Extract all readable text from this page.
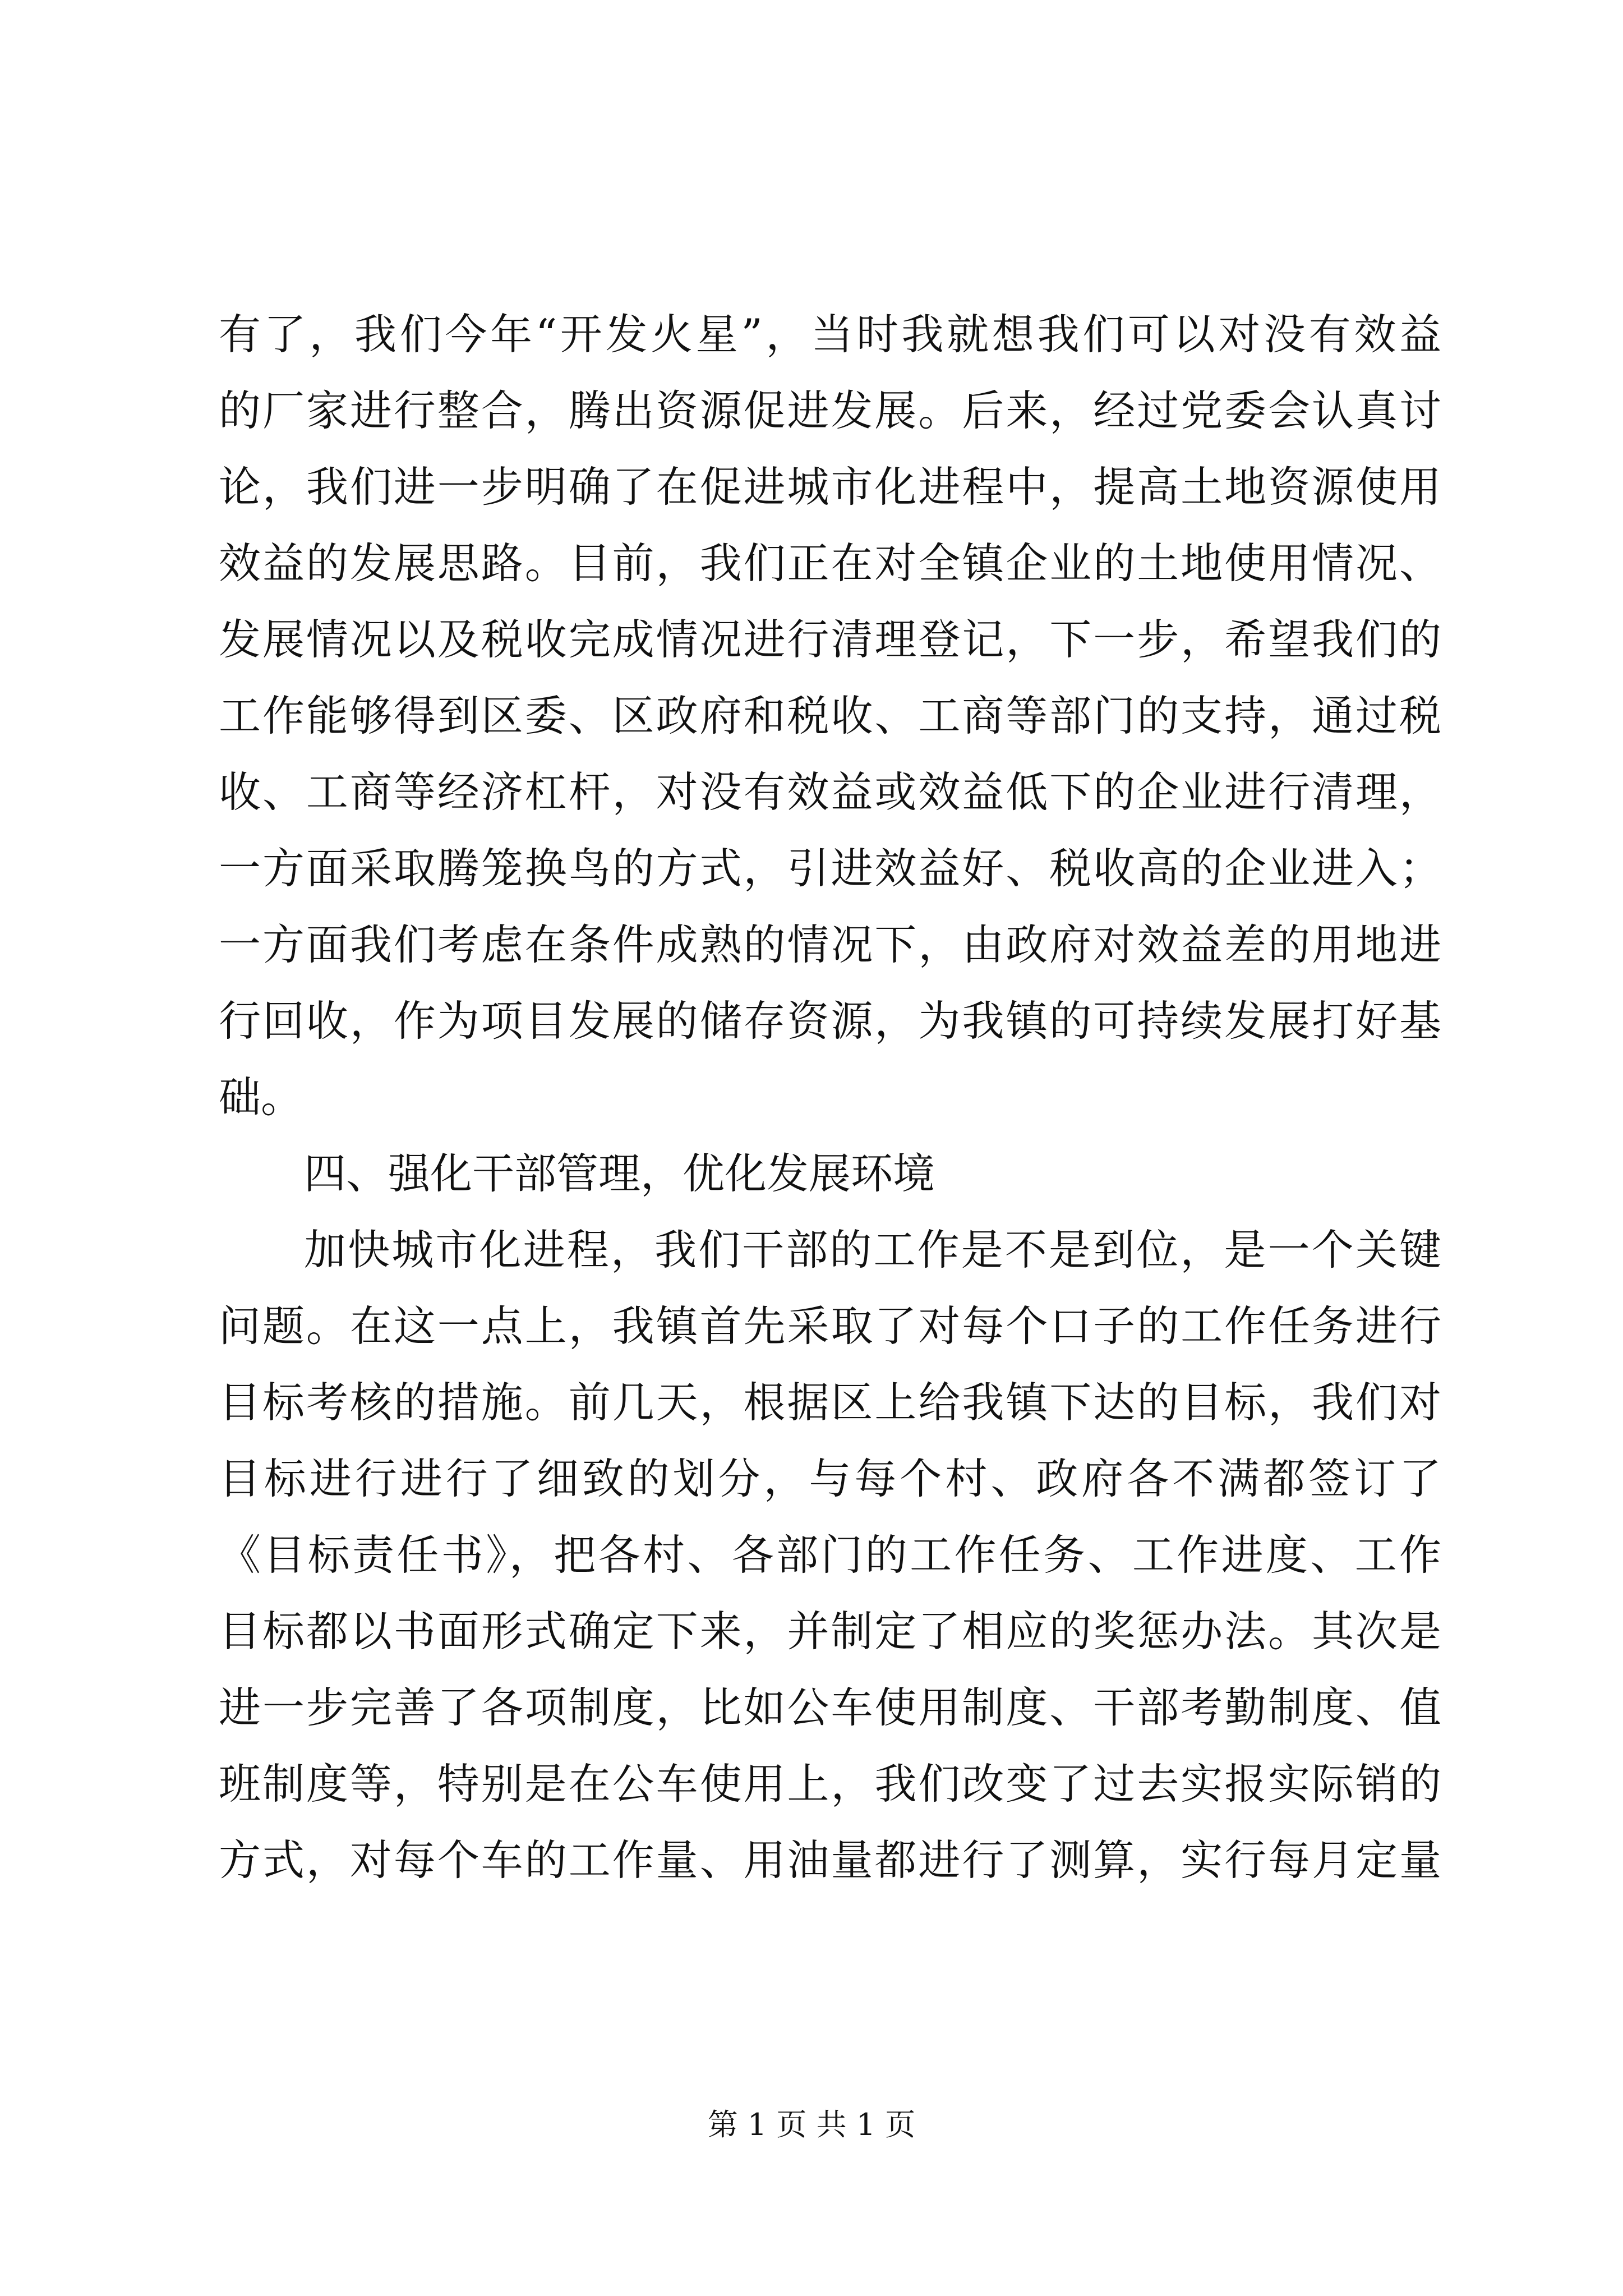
有了，我们今年“开发火星”，当时我就想我们可以对没有效益
的厂家进行整合，腾出资源促进发展。后来，经过党委会认真讨
论，我们进一步明确了在促进城市化进程中，提高土地资源使用
效益的发展思路。目前，我们正在对全镇企业的土地使用情况、
发展情况以及税收完成情况进行清理登记，下一步，希望我们的
工作能够得到区委、区政府和税收、工商等部门的支持，通过税
收、工商等经济杠杆，对没有效益或效益低下的企业进行清理，
一方面采取腾笼换鸟的方式，引进效益好、税收高的企业进入；
一方面我们考虑在条件成熟的情况下，由政府对效益差的用地进
行回收，作为项目发展的储存资源，为我镇的可持续发展打好基
础。
四、强化干部管理，优化发展环境
加快城市化进程，我们干部的工作是不是到位，是一个关键
问题。在这一点上，我镇首先采取了对每个口子的工作任务进行
目标考核的措施。前几天，根据区上给我镇下达的目标，我们对
目标进行进行了细致的划分，与每个村、政府各不满都签订了
《目标责任书》，把各村、各部门的工作任务、工作进度、工作
目标都以书面形式确定下来，并制定了相应的奖惩办法。其次是
进一步完善了各项制度，比如公车使用制度、干部考勤制度、值
班制度等，特别是在公车使用上，我们改变了过去实报实际销的
方式，对每个车的工作量、用油量都进行了测算，实行每月定量
第 1 页 共 1 页
